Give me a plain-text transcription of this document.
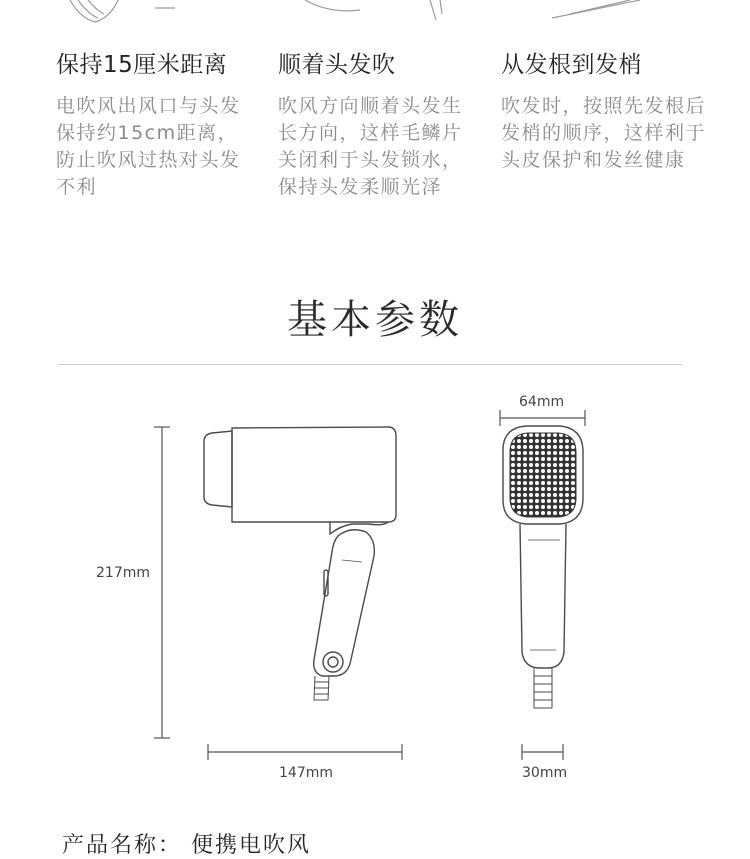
保持15厘米距离
电吹风出风口与头发保持约15cm距离，防止吹风过热对头发不利
顺着头发吹
吹风方向顺着头发生长方向，这样毛鳞片关闭利于头发锁水，保持头发柔顺光泽
从发根到发梢
吹发时，按照先发根后发梢的顺序，这样利于头皮保护和发丝健康
基本参数
217mm
147mm
64mm
30mm
产品名称： 便携电吹风
